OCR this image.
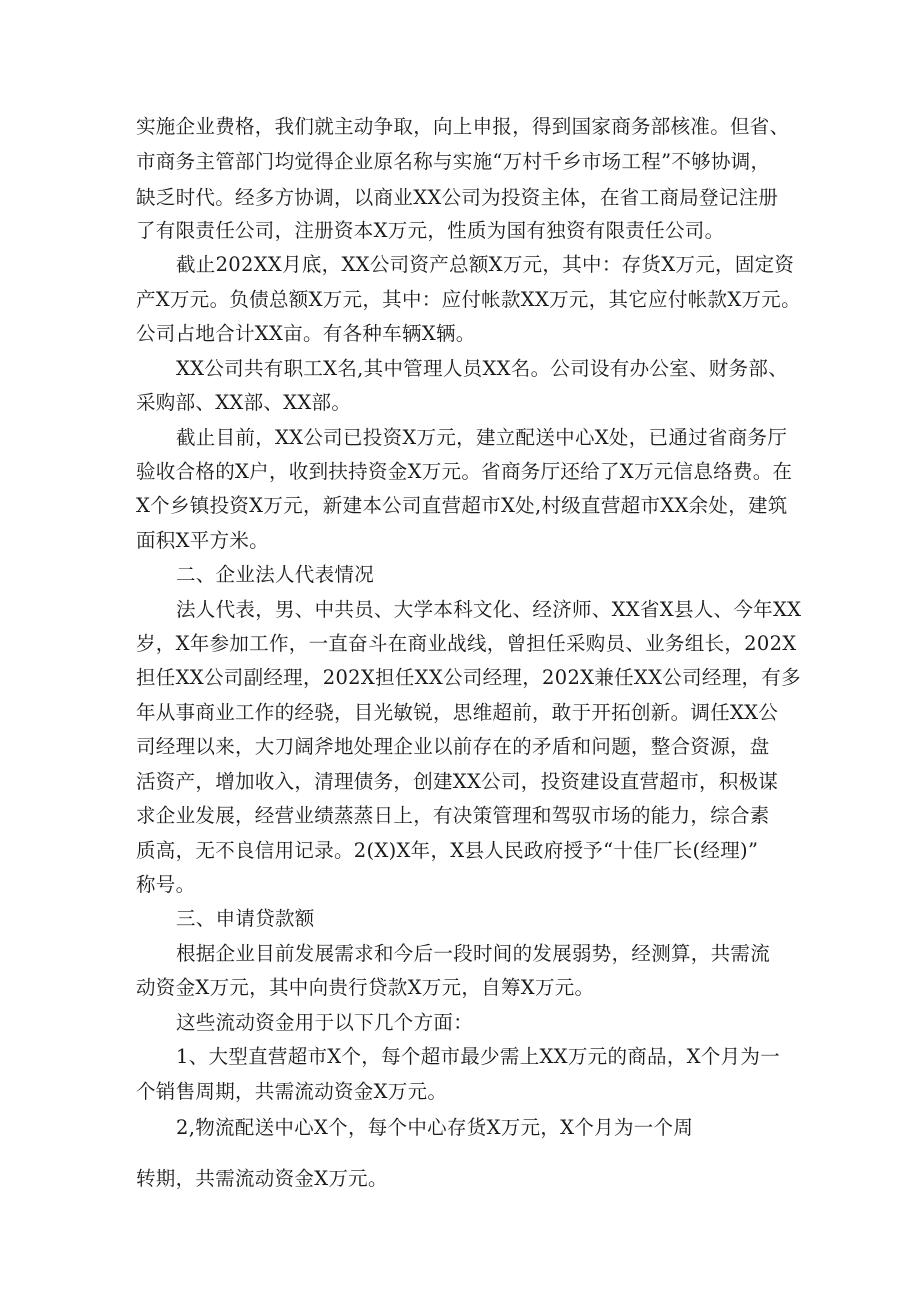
实施企业费格，我们就主动争取，向上申报，得到国家商务部核准。但省、

市商务主管部门均觉得企业原名称与实施“万村千乡市场工程”不够协调，

缺乏时代。经多方协调，以商业XX公司为投资主体，在省工商局登记注册

了有限责任公司，注册资本X万元，性质为国有独资有限责任公司。

截止202XX月底，XX公司资产总额X万元，其中：存货X万元，固定资

产X万元。负债总额X万元，其中：应付帐款XX万元，其它应付帐款X万元。

公司占地合计XX亩。有各种车辆X辆。

XX公司共有职工X名,其中管理人员XX名。公司设有办公室、财务部、

采购部、XX部、XX部。

截止目前，XX公司已投资X万元，建立配送中心X处，已通过省商务厅

验收合格的X户，收到扶持资金X万元。省商务厅还给了X万元信息络费。在

X个乡镇投资X万元，新建本公司直营超市X处,村级直营超市XX余处，建筑

面积X平方米。

二、企业法人代表情况

法人代表，男、中共员、大学本科文化、经济师、XX省X县人、今年XX

岁，X年参加工作，一直奋斗在商业战线，曾担任采购员、业务组长，202X

担任XX公司副经理，202X担任XX公司经理，202X兼任XX公司经理，有多

年从事商业工作的经骁，目光敏锐，思维超前，敢于开拓创新。调任XX公

司经理以来，大刀阔斧地处理企业以前存在的矛盾和问题，整合资源，盘

活资产，增加收入，清理债务，创建XX公司，投资建设直营超市，积极谋

求企业发展，经营业绩蒸蒸日上，有决策管理和驾驭市场的能力，综合素

质高，无不良信用记录。2(X)X年，X县人民政府授予“十佳厂长(经理)”

称号。

三、申请贷款额

根据企业目前发展需求和今后一段时间的发展弱势，经测算，共需流

动资金X万元，其中向贵行贷款X万元，自筹X万元。

这些流动资金用于以下几个方面：

1、大型直营超市X个，每个超市最少需上XX万元的商品，X个月为一

个销售周期，共需流动资金X万元。

2,物流配送中心X个，每个中心存货X万元，X个月为一个周

转期，共需流动资金X万元。
